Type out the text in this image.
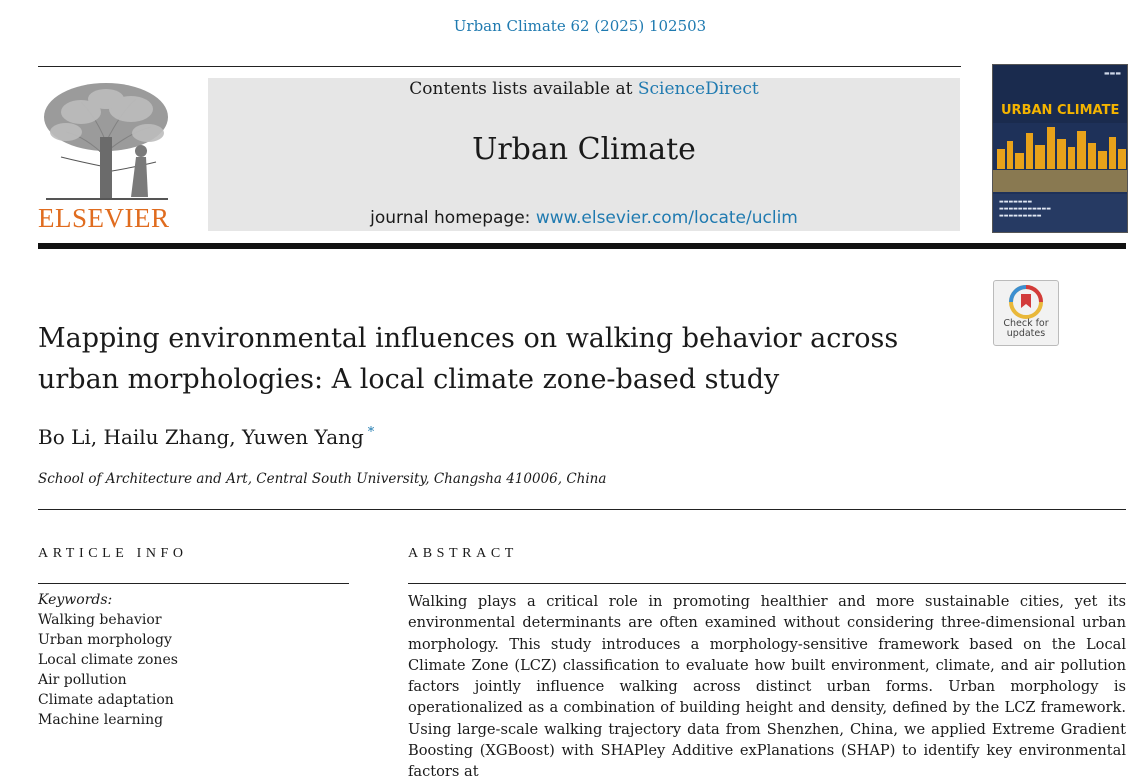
Urban Climate 62 (2025) 102503
ELSEVIER
Contents lists available at ScienceDirect
Urban Climate
journal homepage: www.elsevier.com/locate/uclim
▬▬▬
URBAN CLIMATE
▬▬▬▬▬▬▬
▬▬▬▬▬▬▬▬▬▬▬
▬▬▬▬▬▬▬▬▬
Check for
updates
Mapping environmental influences on walking behavior across urban morphologies: A local climate zone-based study
Bo Li, Hailu Zhang, Yuwen Yang *
School of Architecture and Art, Central South University, Changsha 410006, China
ARTICLE INFO	ABSTRACT
Keywords:
Walking behavior
Urban morphology
Local climate zones
Air pollution
Climate adaptation
Machine learning
Walking plays a critical role in promoting healthier and more sustainable cities, yet its environmental determinants are often examined without considering three-dimensional urban morphology. This study introduces a morphology-sensitive framework based on the Local Climate Zone (LCZ) classification to evaluate how built environment, climate, and air pollution factors jointly influence walking across distinct urban forms. Urban morphology is operationalized as a combination of building height and density, defined by the LCZ framework. Using large-scale walking trajectory data from Shenzhen, China, we applied Extreme Gradient Boosting (XGBoost) with SHAPley Additive exPlanations (SHAP) to identify key environmental factors at
